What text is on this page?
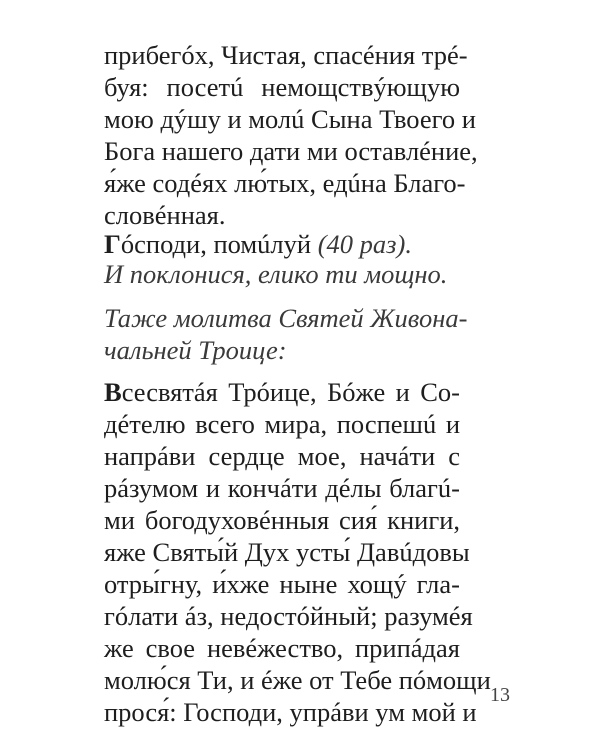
прибегóх, Чистая, спасéния трé-
буя: посетú немощствýющую
мою дýшу и молú Сына Твоего и
Бога нашего дати ми оставлéние,
я́же содéях лю́тых, едúна Благо-
словéнная.
Гóсподи, помúлуй (40 раз).
И поклонися, елико ти мощно.
Таже молитва Святей Живона-
чальней Троице:
Всесвятáя Трóице, Бóже и Со-
дéтелю всего мира, поспешú и
напрáви сердце мое, начáти с
рáзумом и кончáти дéлы благú-
ми богодуховéнныя сия́ книги,
яже Святы́й Дух усты́ Давúдовы
отры́гну, и́хже ныне хощý гла-
гóлати áз, недостóйный; разумéя
же свое невéжество, припáдая
молю́ся Ти, и éже от Тебе пóмощи
прося́: Господи, упрáви ум мой и
13
